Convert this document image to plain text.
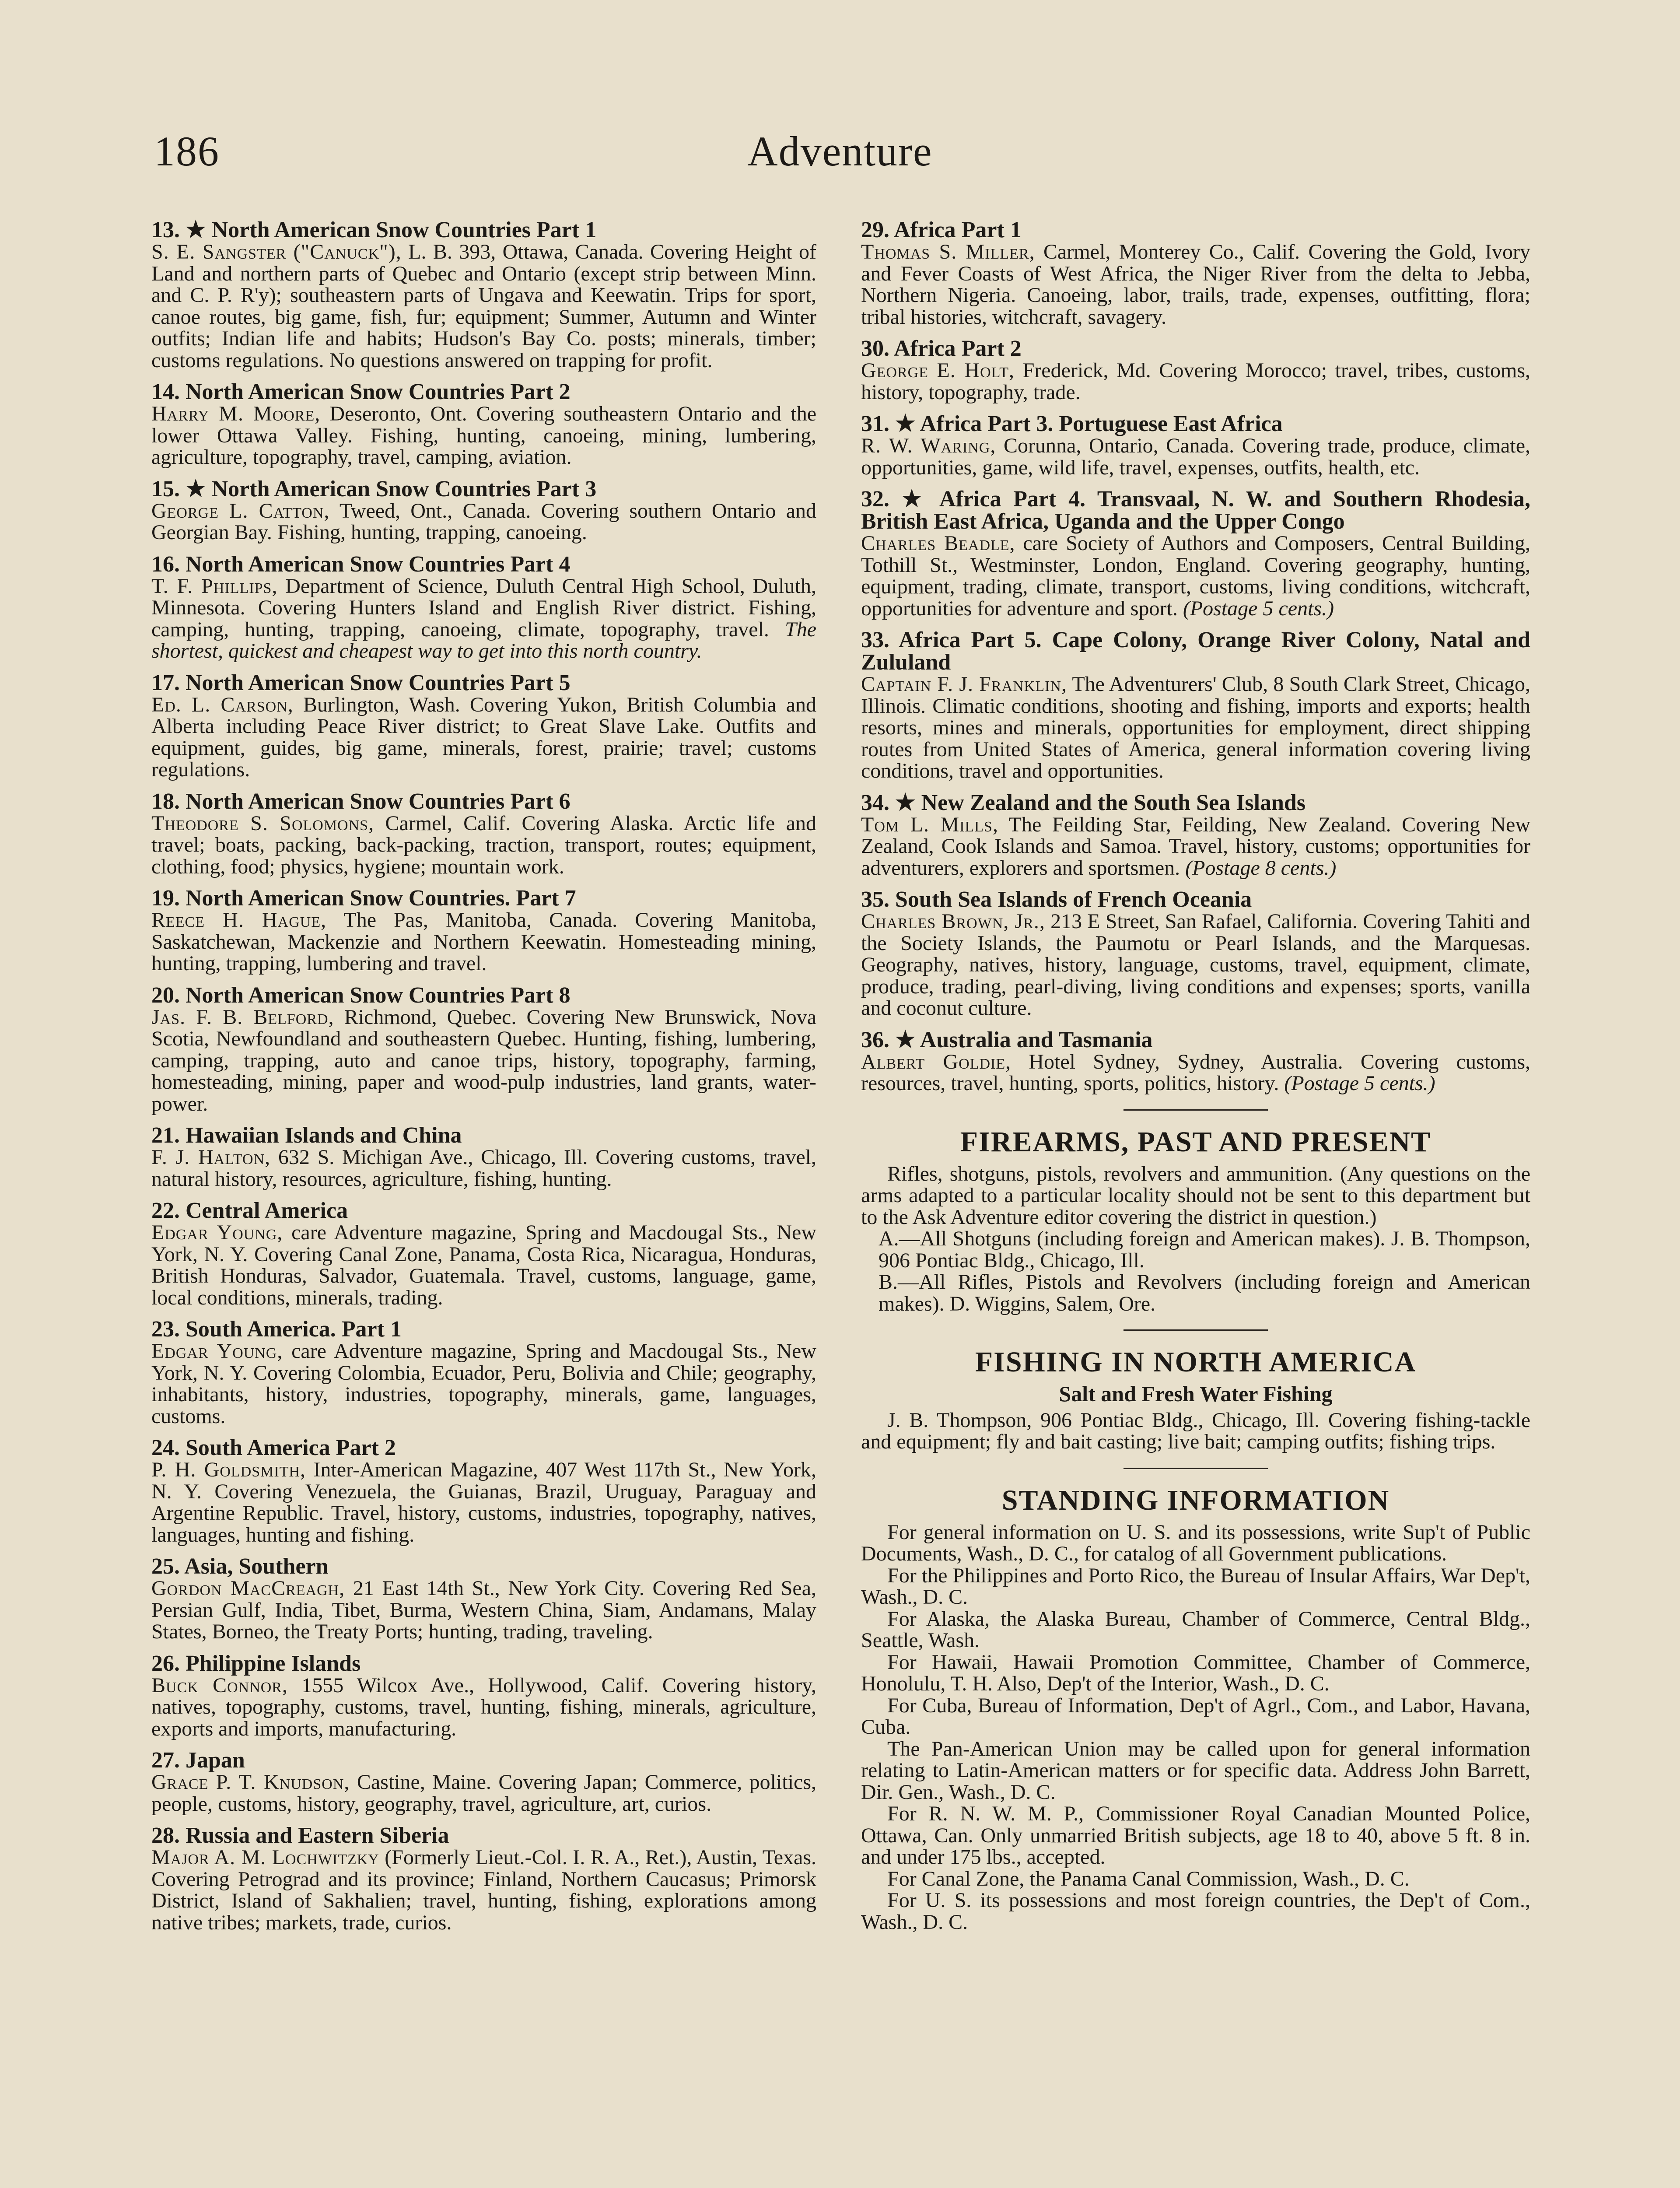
186	Adventure
13. ★ North American Snow Countries Part 1
S. E. Sangster ("Canuck"), L. B. 393, Ottawa, Canada. Covering Height of Land and northern parts of Quebec and Ontario (except strip between Minn. and C. P. R'y); southeastern parts of Ungava and Keewatin. Trips for sport, canoe routes, big game, fish, fur; equipment; Summer, Autumn and Winter outfits; Indian life and habits; Hudson's Bay Co. posts; minerals, timber; customs regulations. No questions answered on trapping for profit.
14. North American Snow Countries Part 2
Harry M. Moore, Deseronto, Ont. Covering southeastern Ontario and the lower Ottawa Valley. Fishing, hunting, canoeing, mining, lumbering, agriculture, topography, travel, camping, aviation.
15. ★ North American Snow Countries Part 3
George L. Catton, Tweed, Ont., Canada. Covering southern Ontario and Georgian Bay. Fishing, hunting, trapping, canoeing.
16. North American Snow Countries Part 4
T. F. Phillips, Department of Science, Duluth Central High School, Duluth, Minnesota. Covering Hunters Island and English River district. Fishing, camping, hunting, trapping, canoeing, climate, topography, travel. The shortest, quickest and cheapest way to get into this north country.
17. North American Snow Countries Part 5
Ed. L. Carson, Burlington, Wash. Covering Yukon, British Columbia and Alberta including Peace River district; to Great Slave Lake. Outfits and equipment, guides, big game, minerals, forest, prairie; travel; customs regulations.
18. North American Snow Countries Part 6
Theodore S. Solomons, Carmel, Calif. Covering Alaska. Arctic life and travel; boats, packing, back-packing, traction, transport, routes; equipment, clothing, food; physics, hygiene; mountain work.
19. North American Snow Countries. Part 7
Reece H. Hague, The Pas, Manitoba, Canada. Covering Manitoba, Saskatchewan, Mackenzie and Northern Keewatin. Homesteading mining, hunting, trapping, lumbering and travel.
20. North American Snow Countries Part 8
Jas. F. B. Belford, Richmond, Quebec. Covering New Brunswick, Nova Scotia, Newfoundland and southeastern Quebec. Hunting, fishing, lumbering, camping, trapping, auto and canoe trips, history, topography, farming, homesteading, mining, paper and wood-pulp industries, land grants, water-power.
21. Hawaiian Islands and China
F. J. Halton, 632 S. Michigan Ave., Chicago, Ill. Covering customs, travel, natural history, resources, agriculture, fishing, hunting.
22. Central America
Edgar Young, care Adventure magazine, Spring and Macdougal Sts., New York, N. Y. Covering Canal Zone, Panama, Costa Rica, Nicaragua, Honduras, British Honduras, Salvador, Guatemala. Travel, customs, language, game, local conditions, minerals, trading.
23. South America. Part 1
Edgar Young, care Adventure magazine, Spring and Macdougal Sts., New York, N. Y. Covering Colombia, Ecuador, Peru, Bolivia and Chile; geography, inhabitants, history, industries, topography, minerals, game, languages, customs.
24. South America Part 2
P. H. Goldsmith, Inter-American Magazine, 407 West 117th St., New York, N. Y. Covering Venezuela, the Guianas, Brazil, Uruguay, Paraguay and Argentine Republic. Travel, history, customs, industries, topography, natives, languages, hunting and fishing.
25. Asia, Southern
Gordon MacCreagh, 21 East 14th St., New York City. Covering Red Sea, Persian Gulf, India, Tibet, Burma, Western China, Siam, Andamans, Malay States, Borneo, the Treaty Ports; hunting, trading, traveling.
26. Philippine Islands
Buck Connor, 1555 Wilcox Ave., Hollywood, Calif. Covering history, natives, topography, customs, travel, hunting, fishing, minerals, agriculture, exports and imports, manufacturing.
27. Japan
Grace P. T. Knudson, Castine, Maine. Covering Japan; Commerce, politics, people, customs, history, geography, travel, agriculture, art, curios.
28. Russia and Eastern Siberia
Major A. M. Lochwitzky (Formerly Lieut.-Col. I. R. A., Ret.), Austin, Texas. Covering Petrograd and its province; Finland, Northern Caucasus; Primorsk District, Island of Sakhalien; travel, hunting, fishing, explorations among native tribes; markets, trade, curios.
29. Africa Part 1
Thomas S. Miller, Carmel, Monterey Co., Calif. Covering the Gold, Ivory and Fever Coasts of West Africa, the Niger River from the delta to Jebba, Northern Nigeria. Canoeing, labor, trails, trade, expenses, outfitting, flora; tribal histories, witchcraft, savagery.
30. Africa Part 2
George E. Holt, Frederick, Md. Covering Morocco; travel, tribes, customs, history, topography, trade.
31. ★ Africa Part 3. Portuguese East Africa
R. W. Waring, Corunna, Ontario, Canada. Covering trade, produce, climate, opportunities, game, wild life, travel, expenses, outfits, health, etc.
32. ★ Africa Part 4. Transvaal, N. W. and Southern Rhodesia, British East Africa, Uganda and the Upper Congo
Charles Beadle, care Society of Authors and Composers, Central Building, Tothill St., Westminster, London, England. Covering geography, hunting, equipment, trading, climate, transport, customs, living conditions, witchcraft, opportunities for adventure and sport. (Postage 5 cents.)
33. Africa Part 5. Cape Colony, Orange River Colony, Natal and Zululand
Captain F. J. Franklin, The Adventurers' Club, 8 South Clark Street, Chicago, Illinois. Climatic conditions, shooting and fishing, imports and exports; health resorts, mines and minerals, opportunities for employment, direct shipping routes from United States of America, general information covering living conditions, travel and opportunities.
34. ★ New Zealand and the South Sea Islands
Tom L. Mills, The Feilding Star, Feilding, New Zealand. Covering New Zealand, Cook Islands and Samoa. Travel, history, customs; opportunities for adventurers, explorers and sportsmen. (Postage 8 cents.)
35. South Sea Islands of French Oceania
Charles Brown, Jr., 213 E Street, San Rafael, California. Covering Tahiti and the Society Islands, the Paumotu or Pearl Islands, and the Marquesas. Geography, natives, history, language, customs, travel, equipment, climate, produce, trading, pearl-diving, living conditions and expenses; sports, vanilla and coconut culture.
36. ★ Australia and Tasmania
Albert Goldie, Hotel Sydney, Sydney, Australia. Covering customs, resources, travel, hunting, sports, politics, history. (Postage 5 cents.)
FIREARMS, PAST AND PRESENT
Rifles, shotguns, pistols, revolvers and ammunition. (Any questions on the arms adapted to a particular locality should not be sent to this department but to the Ask Adventure editor covering the district in question.)
A.—All Shotguns (including foreign and American makes). J. B. Thompson, 906 Pontiac Bldg., Chicago, Ill.
B.—All Rifles, Pistols and Revolvers (including foreign and American makes). D. Wiggins, Salem, Ore.
FISHING IN NORTH AMERICA
Salt and Fresh Water Fishing
J. B. Thompson, 906 Pontiac Bldg., Chicago, Ill. Covering fishing-tackle and equipment; fly and bait casting; live bait; camping outfits; fishing trips.
STANDING INFORMATION
For general information on U. S. and its possessions, write Sup't of Public Documents, Wash., D. C., for catalog of all Government publications.
For the Philippines and Porto Rico, the Bureau of Insular Affairs, War Dep't, Wash., D. C.
For Alaska, the Alaska Bureau, Chamber of Commerce, Central Bldg., Seattle, Wash.
For Hawaii, Hawaii Promotion Committee, Chamber of Commerce, Honolulu, T. H. Also, Dep't of the Interior, Wash., D. C.
For Cuba, Bureau of Information, Dep't of Agrl., Com., and Labor, Havana, Cuba.
The Pan-American Union may be called upon for general information relating to Latin-American matters or for specific data. Address John Barrett, Dir. Gen., Wash., D. C.
For R. N. W. M. P., Commissioner Royal Canadian Mounted Police, Ottawa, Can. Only unmarried British subjects, age 18 to 40, above 5 ft. 8 in. and under 175 lbs., accepted.
For Canal Zone, the Panama Canal Commission, Wash., D. C.
For U. S. its possessions and most foreign countries, the Dep't of Com., Wash., D. C.
